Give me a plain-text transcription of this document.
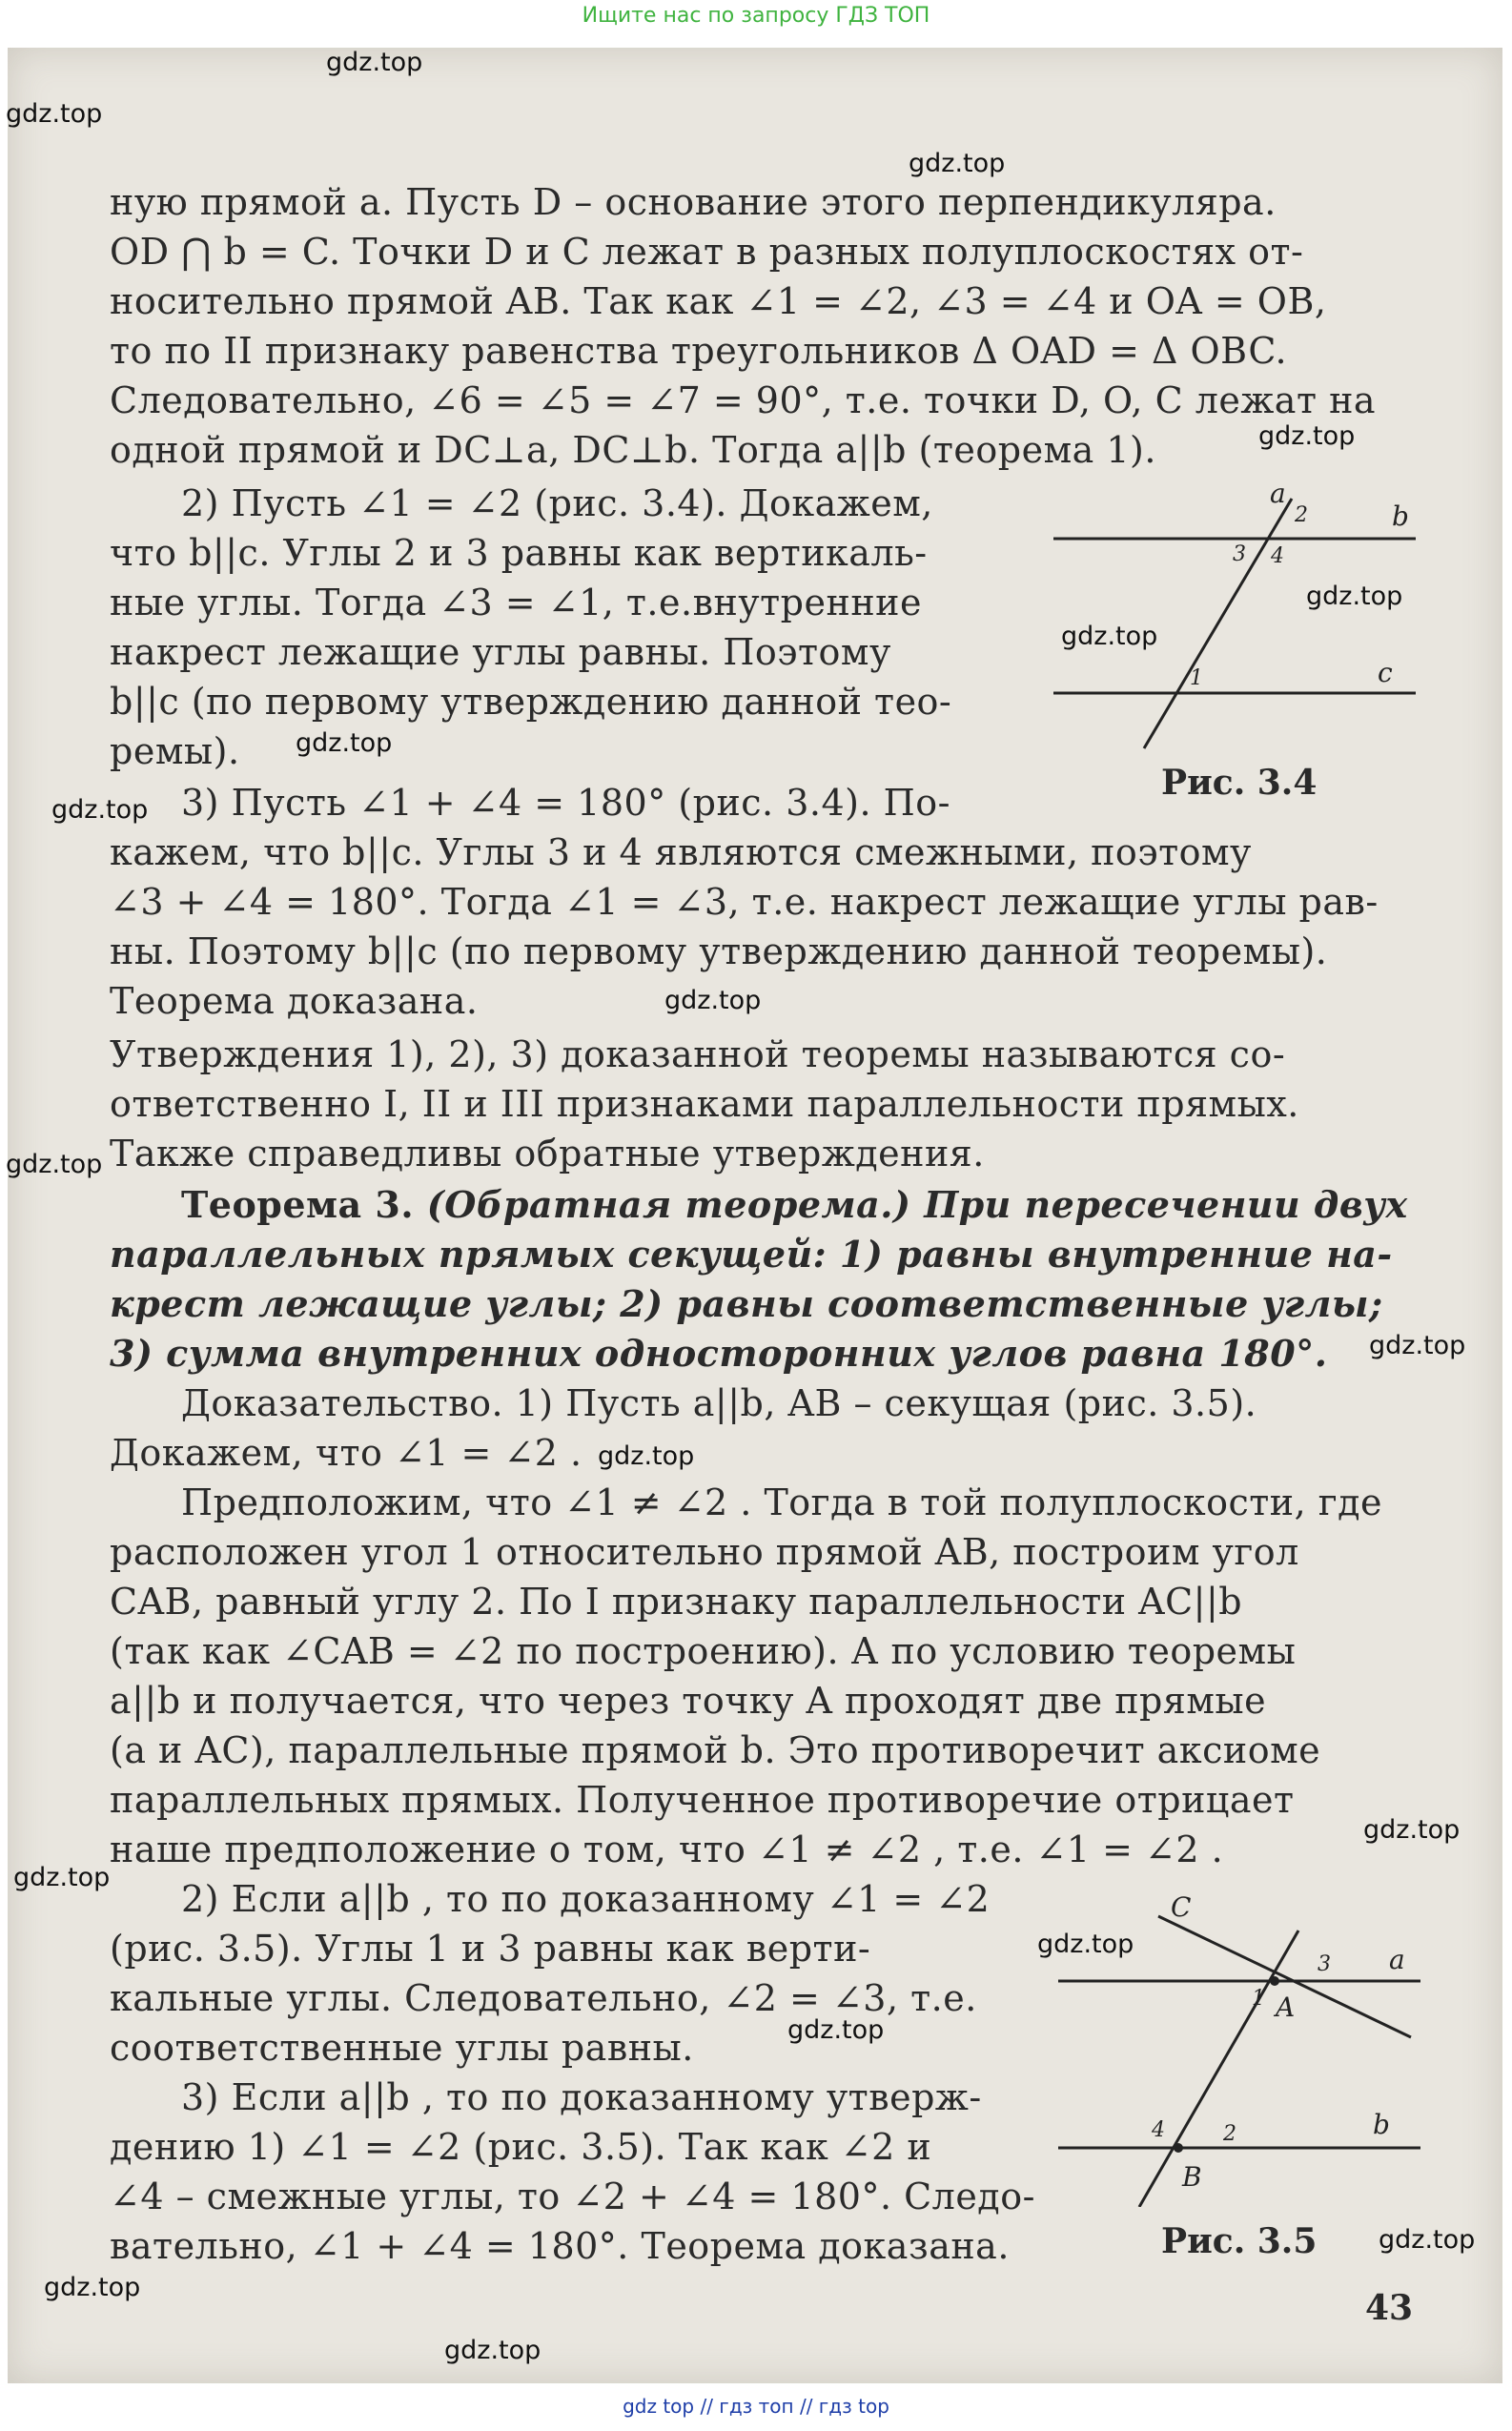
Ищите нас по запросу ГДЗ ТОП
ную прямой a. Пусть D – основание этого перпендикуляра.
OD ⋂ b = C. Точки D и C лежат в разных полуплоскостях от-
носительно прямой AB. Так как ∠1 = ∠2, ∠3 = ∠4 и OA = OB,
то по II признаку равенства треугольников Δ OAD = Δ OBC.
Следовательно, ∠6 = ∠5 = ∠7 = 90°, т.е. точки D, O, C лежат на
одной прямой и DC⊥a, DC⊥b. Тогда a||b (теорема 1).
2) Пусть ∠1 = ∠2 (рис. 3.4). Докажем,
что b||c. Углы 2 и 3 равны как вертикаль-
ные углы. Тогда ∠3 = ∠1, т.е.внутренние
накрест лежащие углы равны. Поэтому
b||c (по первому утверждению данной тео-
ремы).
3) Пусть ∠1 + ∠4 = 180° (рис. 3.4). По-
кажем, что b||c. Углы 3 и 4 являются смежными, поэтому
∠3 + ∠4 = 180°. Тогда ∠1 = ∠3, т.е. накрест лежащие углы рав-
ны. Поэтому b||c (по первому утверждению данной теоремы).
Теорема доказана.
Утверждения 1), 2), 3) доказанной теоремы называются со-
ответственно I, II и III признаками параллельности прямых.
Также справедливы обратные утверждения.
Теорема 3. (Обратная теорема.) При пересечении двух
параллельных прямых секущей: 1) равны внутренние на-
крест лежащие углы; 2) равны соответственные углы;
3) сумма внутренних односторонних углов равна 180°.
Доказательство. 1) Пусть a||b, AB – секущая (рис. 3.5).
Докажем, что ∠1 = ∠2 .
Предположим, что ∠1 ≠ ∠2 . Тогда в той полуплоскости, где
расположен угол 1 относительно прямой AB, построим угол
CAB, равный углу 2. По I признаку параллельности AC||b
(так как ∠CAB = ∠2 по построению). А по условию теоремы
a||b и получается, что через точку A проходят две прямые
(a и AC), параллельные прямой b. Это противоречит аксиоме
параллельных прямых. Полученное противоречие отрицает
наше предположение о том, что ∠1 ≠ ∠2 , т.е. ∠1 = ∠2 .
2) Если a||b , то по доказанному ∠1 = ∠2
(рис. 3.5). Углы 1 и 3 равны как верти-
кальные углы. Следовательно, ∠2 = ∠3, т.е.
соответственные углы равны.
3) Если a||b , то по доказанному утверж-
дению 1) ∠1 = ∠2 (рис. 3.5). Так как ∠2 и
∠4 – смежные углы, то ∠2 + ∠4 = 180°. Следо-
вательно, ∠1 + ∠4 = 180°. Теорема доказана.
a
b
c
2
3 4
1
Рис. 3.4
C
A
B
a
b
3
1
2
4
Рис. 3.5
43
gdz.top
gdz.top
gdz.top
gdz.top
gdz.top
gdz.top
gdz.top
gdz.top
gdz.top
gdz.top
gdz.top
gdz.top
gdz.top
gdz.top
gdz.top
gdz.top
gdz.top
gdz.top
gdz.top
gdz top // гдз топ // гдз top
